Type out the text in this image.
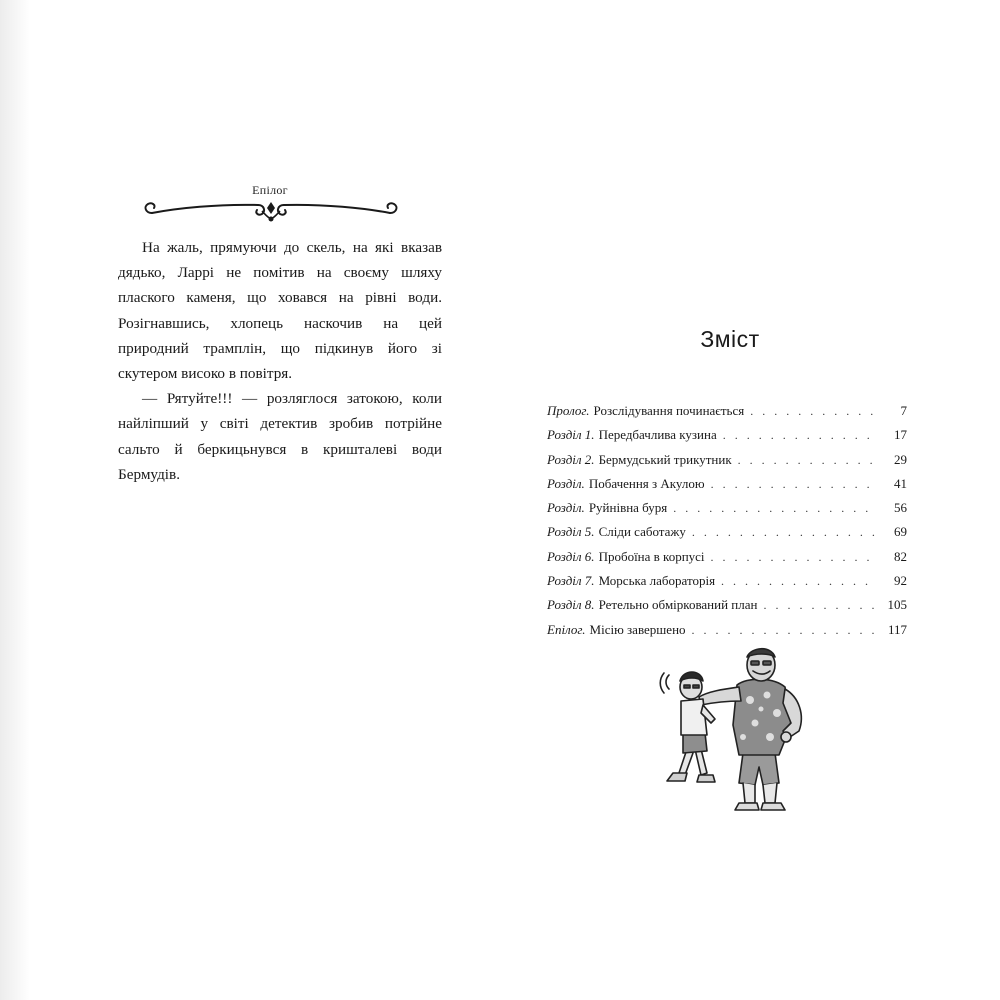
Eпілог

На жаль, прямуючи до скель, на які вказав дядько, Ларрі не помітив на своєму шляху плаского каменя, що ховався на рівні води. Розігнавшись, хлопець наскочив на цей природний трамплін, що підкинув його зі скутером високо в повітря.

— Рятуйте!!! — розляглося затокою, коли найліпший у світі детектив зробив потрійне сальто й беркицьнувся в кришталеві води Бермудів.

Зміст
Пролог. Розслідування починається . . .	7
Розділ 1. Передбачлива кузина . . .	17
Розділ 2. Бермудський трикутник . . .	29
Розділ. Побачення з Акулою . . .	41
Розділ. Руйнівна буря . . .	56
Розділ 5. Сліди саботажу . . .	69
Розділ 6. Пробоїна в корпусі . . .	82
Розділ 7. Морська лабораторія . . .	92
Розділ 8. Ретельно обміркований план . . .	105
Епілог. Місію завершено . . .	117
